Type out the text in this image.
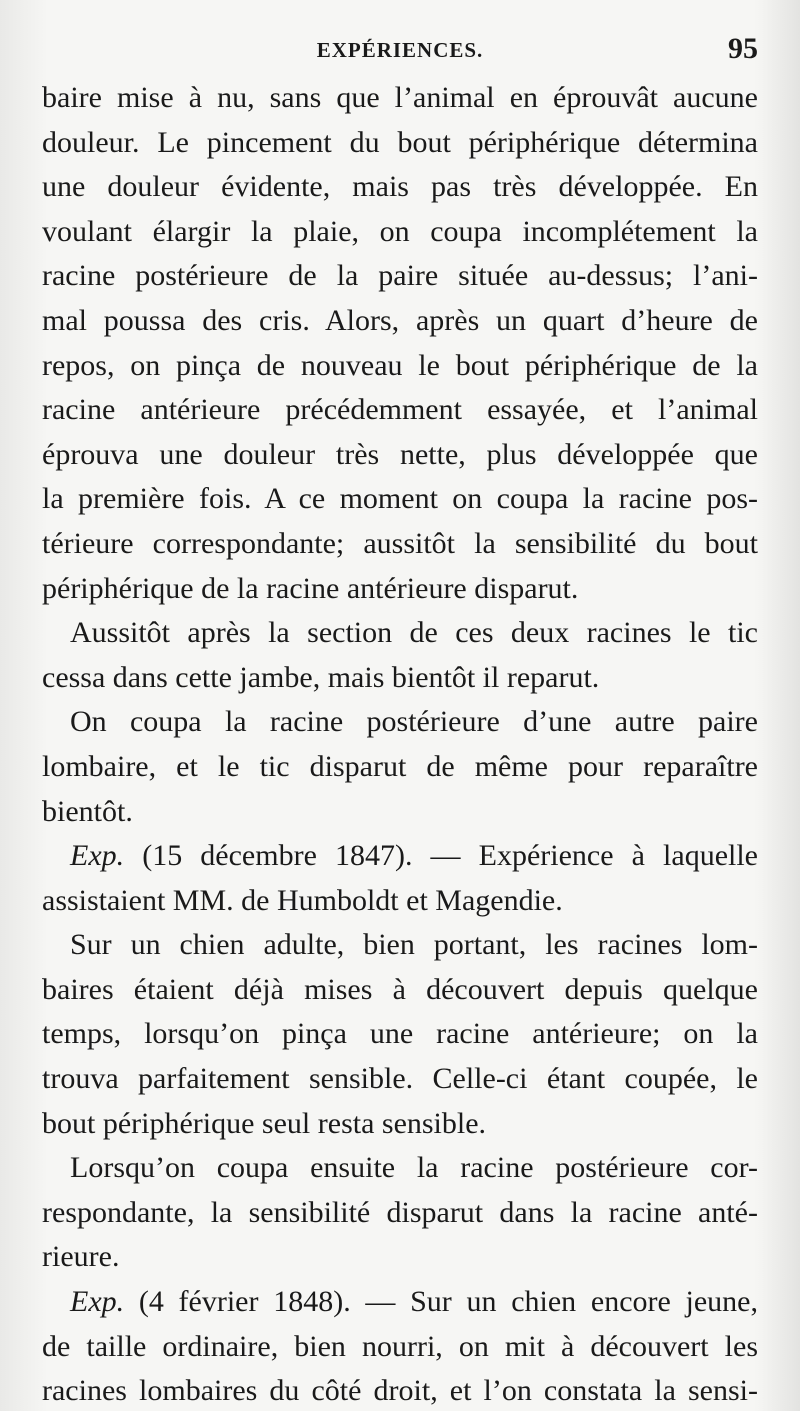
EXPÉRIENCES.	95
baire mise à nu, sans que l’animal en éprouvât aucune
douleur. Le pincement du bout périphérique détermina
une douleur évidente, mais pas très développée. En
voulant élargir la plaie, on coupa incomplétement la
racine postérieure de la paire située au-dessus; l’ani-
mal poussa des cris. Alors, après un quart d’heure de
repos, on pinça de nouveau le bout périphérique de la
racine antérieure précédemment essayée, et l’animal
éprouva une douleur très nette, plus développée que
la première fois. A ce moment on coupa la racine pos-
térieure correspondante; aussitôt la sensibilité du bout
périphérique de la racine antérieure disparut.
Aussitôt après la section de ces deux racines le tic
cessa dans cette jambe, mais bientôt il reparut.
On coupa la racine postérieure d’une autre paire
lombaire, et le tic disparut de même pour reparaître
bientôt.
Exp. (15 décembre 1847). — Expérience à laquelle
assistaient MM. de Humboldt et Magendie.
Sur un chien adulte, bien portant, les racines lom-
baires étaient déjà mises à découvert depuis quelque
temps, lorsqu’on pinça une racine antérieure; on la
trouva parfaitement sensible. Celle-ci étant coupée, le
bout périphérique seul resta sensible.
Lorsqu’on coupa ensuite la racine postérieure cor-
respondante, la sensibilité disparut dans la racine anté-
rieure.
Exp. (4 février 1848). — Sur un chien encore jeune,
de taille ordinaire, bien nourri, on mit à découvert les
racines lombaires du côté droit, et l’on constata la sensi-
